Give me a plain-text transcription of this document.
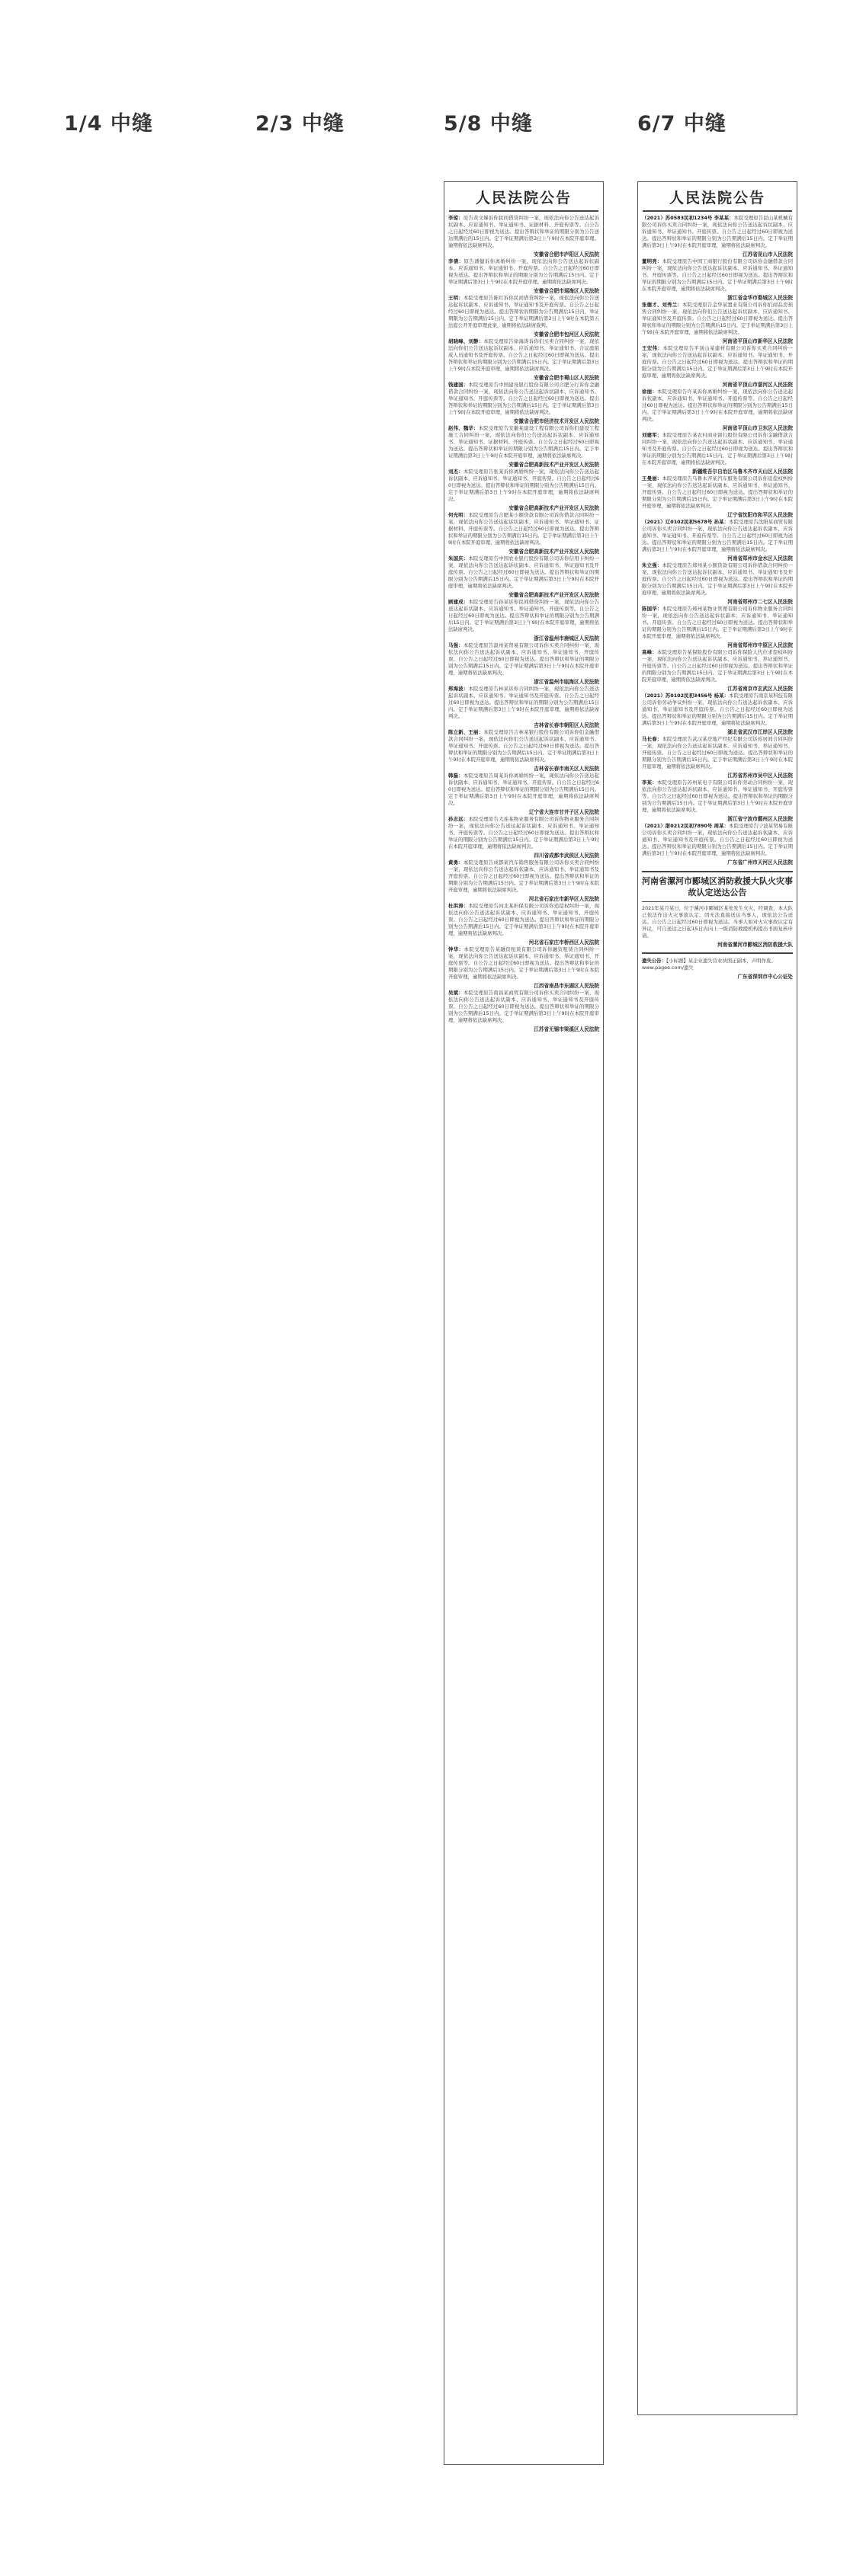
1/4 中缝	2/3 中缝	5/8 中缝	6/7 中缝
人民法院公告
李琼：原告黄文娣诉你民间借贷纠纷一案，现依法向你公告送达起诉状副本、应诉通知书、举证通知书、证据材料、开庭传票等。自公告之日起经过60日即视为送达。提出答辩状和举证的期限分别为公告送达期满后的15日内。定于举证期满后第3日上午9时在本院开庭审理。逾期将依法缺席判决。
安徽省合肥市庐阳区人民法院
李倩：原告潘健诉你离婚纠纷一案，现依法向你公告送达起诉状副本、应诉通知书、举证通知书、开庭传票。自公告之日起经过60日即视为送达。提出答辩状和举证的期限分别为公告期满后15日内。定于举证期满后第3日上午9时在本院开庭审理。逾期将依法缺席判决。
安徽省合肥市瑶海区人民法院
王明：本院受理原告陈红诉你民间借贷纠纷一案，现依法向你公告送达起诉状副本、应诉通知书、举证通知书及开庭传票。自公告之日起经过60日即视为送达。提出答辩状的期限为公告期满后15日内，举证期限为公告期满后15日内。定于举证期满后第3日上午9时在本院第五法庭公开开庭审理此案，逾期将依法缺席裁判。
安徽省合肥市包河区人民法院
胡晓峰、刘静：本院受理原告徐海涛诉你们买卖合同纠纷一案，现依法向你们公告送达起诉状副本、应诉通知书、举证通知书、合议庭组成人员通知书及开庭传票。自公告之日起经过60日即视为送达。提出答辩状和举证的期限分别为公告期满后15日内。定于举证期满后第3日上午9时在本院开庭审理，逾期将依法缺席判决。
安徽省合肥市蜀山区人民法院
钱建国：本院受理原告中国建设银行股份有限公司合肥分行诉你金融借款合同纠纷一案，现依法向你公告送达起诉状副本、应诉通知书、举证通知书、开庭传票等。自公告之日起经过60日即视为送达。提出答辩状和举证的期限分别为公告期满后15日内。定于举证期满后第3日上午9时在本院开庭审理，逾期将依法缺席判决。
安徽省合肥市经济技术开发区人民法院
赵伟、魏华：本院受理原告安徽某建设工程有限公司诉你们建设工程施工合同纠纷一案，现依法向你们公告送达起诉状副本、应诉通知书、举证通知书、证据材料、开庭传票。自公告之日起经过60日即视为送达。提出答辩状和举证的期限分别为公告期满后15日内。定于举证期满后第3日上午9时在本院开庭审理，逾期将依法缺席判决。
安徽省合肥高新技术产业开发区人民法院
刘杰：本院受理原告张某诉你离婚纠纷一案，现依法向你公告送达起诉状副本、应诉通知书、举证通知书、开庭传票。自公告之日起经过60日即视为送达。提出答辩状和举证的期限分别为公告期满后15日内。定于举证期满后第3日上午9时在本院开庭审理，逾期将依法缺席判决。
安徽省合肥高新技术产业开发区人民法院
何光明：本院受理原告合肥某小额贷款有限公司诉你借款合同纠纷一案，现依法向你公告送达起诉状副本、应诉通知书、举证通知书、证据材料、开庭传票等。自公告之日起经过60日即视为送达。提出答辩状和举证的期限分别为公告期满后15日内。定于举证期满后第3日上午9时在本院开庭审理，逾期将依法缺席判决。
安徽省合肥高新技术产业开发区人民法院
朱国庆：本院受理原告中国农业银行股份有限公司诉你信用卡纠纷一案，现依法向你公告送达起诉状副本、应诉通知书、举证通知书及开庭传票。自公告之日起经过60日即视为送达。提出答辩状和举证的期限分别为公告期满后15日内。定于举证期满后第3日上午9时在本院开庭审理，逾期将依法缺席判决。
安徽省合肥高新技术产业开发区人民法院
顾建成：本院受理原告孙某诉你民间借贷纠纷一案，现依法向你公告送达起诉状副本、应诉通知书、举证通知书、开庭传票等。自公告之日起经过60日即视为送达。提出答辩状和举证的期限分别为公告期满后15日内。定于举证期满后第3日上午9时在本院开庭审理，逾期将依法缺席判决。
浙江省温州市鹿城区人民法院
马强：本院受理原告温州某贸易有限公司诉你买卖合同纠纷一案，现依法向你公告送达起诉状副本、应诉通知书、举证通知书、开庭传票。自公告之日起经过60日即视为送达。提出答辩状和举证的期限分别为公告期满后15日内。定于举证期满后第3日上午9时在本院开庭审理，逾期将依法缺席判决。
浙江省温州市瓯海区人民法院
郑海波：本院受理原告林某诉你合同纠纷一案，现依法向你公告送达起诉状副本、应诉通知书、举证通知书及开庭传票。自公告之日起经过60日即视为送达。提出答辩状和举证的期限分别为公告期满后15日内。定于举证期满后第3日上午9时在本院开庭审理，逾期将依法缺席判决。
吉林省长春市朝阳区人民法院
陈立新、王丽：本院受理原告吉林某银行股份有限公司诉你们金融借款合同纠纷一案，现依法向你们公告送达起诉状副本、应诉通知书、举证通知书、开庭传票。自公告之日起经过60日即视为送达。提出答辩状和举证的期限分别为公告期满后15日内。定于举证期满后第3日上午9时在本院开庭审理，逾期将依法缺席判决。
吉林省长春市南关区人民法院
韩磊：本院受理原告周某诉你离婚纠纷一案，现依法向你公告送达起诉状副本、应诉通知书、举证通知书、开庭传票。自公告之日起经过60日即视为送达。提出答辩状和举证的期限分别为公告期满后15日内。定于举证期满后第3日上午9时在本院开庭审理，逾期将依法缺席判决。
辽宁省大连市甘井子区人民法院
孙志远：本院受理原告大连某物业服务有限公司诉你物业服务合同纠纷一案，现依法向你公告送达起诉状副本、应诉通知书、举证通知书、开庭传票等。自公告之日起经过60日即视为送达。提出答辩状和举证的期限分别为公告期满后15日内。定于举证期满后第3日上午9时在本院开庭审理，逾期将依法缺席判决。
四川省成都市武侯区人民法院
黄勇：本院受理原告成都某汽车销售服务有限公司诉你买卖合同纠纷一案，现依法向你公告送达起诉状副本、应诉通知书、举证通知书及开庭传票。自公告之日起经过60日即视为送达。提出答辩状和举证的期限分别为公告期满后15日内。定于举证期满后第3日上午9时在本院开庭审理，逾期将依法缺席判决。
河北省石家庄市新华区人民法院
杜洪涛：本院受理原告河北某担保有限公司诉你追偿权纠纷一案，现依法向你公告送达起诉状副本、应诉通知书、举证通知书、开庭传票。自公告之日起经过60日即视为送达。提出答辩状和举证的期限分别为公告期满后15日内。定于举证期满后第3日上午9时在本院开庭审理，逾期将依法缺席判决。
河北省石家庄市桥西区人民法院
钟华：本院受理原告某融资租赁有限公司诉你融资租赁合同纠纷一案，现依法向你公告送达起诉状副本、应诉通知书、举证通知书、开庭传票等。自公告之日起经过60日即视为送达。提出答辩状和举证的期限分别为公告期满后15日内。定于举证期满后第3日上午9时在本院开庭审理，逾期将依法缺席判决。
江西省南昌市东湖区人民法院
吴斌：本院受理原告南昌某商贸有限公司诉你买卖合同纠纷一案，现依法向你公告送达起诉状副本、应诉通知书、举证通知书及开庭传票。自公告之日起经过60日即视为送达。提出答辩状和举证的期限分别为公告期满后15日内。定于举证期满后第3日上午9时在本院开庭审理，逾期将依法缺席判决。
江苏省无锡市梁溪区人民法院
人民法院公告
（2021）苏0583民初1234号 李某某：本院受理原告昆山某机械有限公司诉你买卖合同纠纷一案，现依法向你公告送达起诉状副本、应诉通知书、举证通知书、开庭传票。自公告之日起经过60日即视为送达。提出答辩状和举证的期限分别为公告期满后15日内。定于举证期满后第3日上午9时在本院开庭审理，逾期将依法缺席判决。
江苏省昆山市人民法院
董明亮：本院受理原告中国工商银行股份有限公司诉你金融借款合同纠纷一案，现依法向你公告送达起诉状副本、应诉通知书、举证通知书、开庭传票等。自公告之日起经过60日即视为送达。提出答辩状和举证的期限分别为公告期满后15日内。定于举证期满后第3日上午9时在本院开庭审理，逾期将依法缺席判决。
浙江省金华市婺城区人民法院
张德才、刘秀兰：本院受理原告金华某置业有限公司诉你们商品房预售合同纠纷一案，现依法向你们公告送达起诉状副本、应诉通知书、举证通知书及开庭传票。自公告之日起经过60日即视为送达。提出答辩状和举证的期限分别为公告期满后15日内。定于举证期满后第3日上午9时在本院开庭审理，逾期将依法缺席判决。
河南省平顶山市新华区人民法院
王宏伟：本院受理原告平顶山某建材有限公司诉你买卖合同纠纷一案，现依法向你公告送达起诉状副本、应诉通知书、举证通知书、开庭传票。自公告之日起经过60日即视为送达。提出答辩状和举证的期限分别为公告期满后15日内。定于举证期满后第3日上午9时在本院开庭审理，逾期将依法缺席判决。
河南省平顶山市湛河区人民法院
徐丽：本院受理原告许某诉你离婚纠纷一案，现依法向你公告送达起诉状副本、应诉通知书、举证通知书、开庭传票等。自公告之日起经过60日即视为送达。提出答辩状和举证的期限分别为公告期满后15日内。定于举证期满后第3日上午9时在本院开庭审理，逾期将依法缺席判决。
河南省平顶山市卫东区人民法院
刘建军：本院受理原告某农村商业银行股份有限公司诉你金融借款合同纠纷一案，现依法向你公告送达起诉状副本、应诉通知书、举证通知书及开庭传票。自公告之日起经过60日即视为送达。提出答辩状和举证的期限分别为公告期满后15日内。定于举证期满后第3日上午9时在本院开庭审理，逾期将依法缺席判决。
新疆维吾尔自治区乌鲁木齐市天山区人民法院
王曼丽：本院受理原告乌鲁木齐某汽车服务有限公司诉你追偿权纠纷一案，现依法向你公告送达起诉状副本、应诉通知书、举证通知书、开庭传票。自公告之日起经过60日即视为送达。提出答辩状和举证的期限分别为公告期满后15日内。定于举证期满后第3日上午9时在本院开庭审理，逾期将依法缺席判决。
辽宁省沈阳市和平区人民法院
（2021）辽0102民初5678号 孙某：本院受理原告沈阳某商贸有限公司诉你买卖合同纠纷一案，现依法向你公告送达起诉状副本、应诉通知书、举证通知书、开庭传票等。自公告之日起经过60日即视为送达。提出答辩状和举证的期限分别为公告期满后15日内。定于举证期满后第3日上午9时在本院开庭审理，逾期将依法缺席判决。
河南省郑州市金水区人民法院
朱立强：本院受理原告郑州某小额贷款有限公司诉你借款合同纠纷一案，现依法向你公告送达起诉状副本、应诉通知书、举证通知书及开庭传票。自公告之日起经过60日即视为送达。提出答辩状和举证的期限分别为公告期满后15日内。定于举证期满后第3日上午9时在本院开庭审理，逾期将依法缺席判决。
河南省郑州市二七区人民法院
陈国华：本院受理原告郑州某物业管理有限公司诉你物业服务合同纠纷一案，现依法向你公告送达起诉状副本、应诉通知书、举证通知书、开庭传票。自公告之日起经过60日即视为送达。提出答辩状和举证的期限分别为公告期满后15日内。定于举证期满后第3日上午9时在本院开庭审理，逾期将依法缺席判决。
河南省郑州市中原区人民法院
高峰：本院受理原告某保险股份有限公司诉你保险人代位求偿权纠纷一案，现依法向你公告送达起诉状副本、应诉通知书、举证通知书、开庭传票等。自公告之日起经过60日即视为送达。提出答辩状和举证的期限分别为公告期满后15日内。定于举证期满后第3日上午9时在本院开庭审理，逾期将依法缺席判决。
江苏省南京市玄武区人民法院
（2021）苏0102民初3456号 杨某：本院受理原告南京某科技有限公司诉你劳动争议纠纷一案，现依法向你公告送达起诉状副本、应诉通知书、举证通知书及开庭传票。自公告之日起经过60日即视为送达。提出答辩状和举证的期限分别为公告期满后15日内。定于举证期满后第3日上午9时在本院开庭审理，逾期将依法缺席判决。
湖北省武汉市江岸区人民法院
马长春：本院受理原告武汉某房地产经纪有限公司诉你居间合同纠纷一案，现依法向你公告送达起诉状副本、应诉通知书、举证通知书、开庭传票。自公告之日起经过60日即视为送达。提出答辩状和举证的期限分别为公告期满后15日内。定于举证期满后第3日上午9时在本院开庭审理，逾期将依法缺席判决。
江苏省苏州市吴中区人民法院
李某：本院受理原告苏州某电子有限公司诉你劳动合同纠纷一案，现依法向你公告送达起诉状副本、应诉通知书、举证通知书、开庭传票等。自公告之日起经过60日即视为送达。提出答辩状和举证的期限分别为公告期满后15日内。定于举证期满后第3日上午9时在本院开庭审理，逾期将依法缺席判决。
浙江省宁波市鄞州区人民法院
（2021）浙0212民初7890号 周某：本院受理原告宁波某贸易有限公司诉你买卖合同纠纷一案，现依法向你公告送达起诉状副本、应诉通知书、举证通知书及开庭传票。自公告之日起经过60日即视为送达。提出答辩状和举证的期限分别为公告期满后15日内。定于举证期满后第3日上午9时在本院开庭审理，逾期将依法缺席判决。
广东省广州市天河区人民法院
河南省漯河市郾城区消防救援大队火灾事故认定送达公告
2021年某月某日，位于漯河市郾城区某处发生火灾，经调查，本大队已依法作出火灾事故认定。因无法直接送达当事人，现依法公告送达。自公告之日起经过60日即视为送达。当事人如对火灾事故认定有异议，可自送达之日起15日内向上一级消防救援机构提出书面复核申请。
河南省漯河市郾城区消防救援大队
遗失公告：【小标题】某企业遗失营业执照正副本，声明作废。
www.pagee.com/遗失
广东省深圳市中心公证处
